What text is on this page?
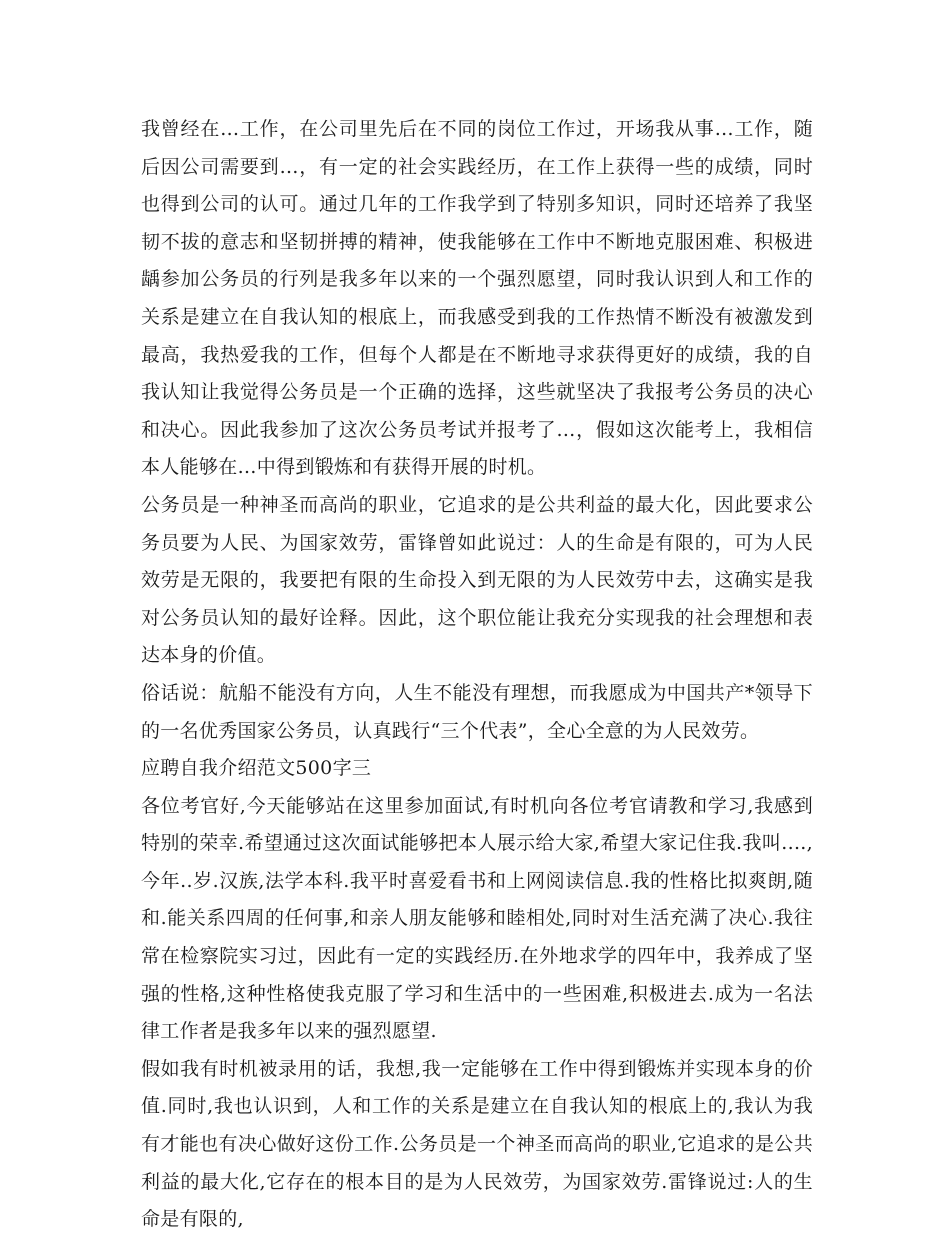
我曾经在…工作，在公司里先后在不同的岗位工作过，开场我从事…工作，随后因公司需要到…，有一定的社会实践经历，在工作上获得一些的成绩，同时也得到公司的认可。通过几年的工作我学到了特别多知识，同时还培养了我坚韧不拔的意志和坚韧拼搏的精神，使我能够在工作中不断地克服困难、积极进龋参加公务员的行列是我多年以来的一个强烈愿望，同时我认识到人和工作的关系是建立在自我认知的根底上，而我感受到我的工作热情不断没有被激发到最高，我热爱我的工作，但每个人都是在不断地寻求获得更好的成绩，我的自我认知让我觉得公务员是一个正确的选择，这些就坚决了我报考公务员的决心和决心。因此我参加了这次公务员考试并报考了…，假如这次能考上，我相信本人能够在…中得到锻炼和有获得开展的时机。

公务员是一种神圣而高尚的职业，它追求的是公共利益的最大化，因此要求公务员要为人民、为国家效劳，雷锋曾如此说过：人的生命是有限的，可为人民效劳是无限的，我要把有限的生命投入到无限的为人民效劳中去，这确实是我对公务员认知的最好诠释。因此，这个职位能让我充分实现我的社会理想和表达本身的价值。

俗话说：航船不能没有方向，人生不能没有理想，而我愿成为中国共产*领导下的一名优秀国家公务员，认真践行“三个代表”，全心全意的为人民效劳。

应聘自我介绍范文500字三

各位考官好,今天能够站在这里参加面试,有时机向各位考官请教和学习,我感到特别的荣幸.希望通过这次面试能够把本人展示给大家,希望大家记住我.我叫....,今年..岁.汉族,法学本科.我平时喜爱看书和上网阅读信息.我的性格比拟爽朗,随和.能关系四周的任何事,和亲人朋友能够和睦相处,同时对生活充满了决心.我往常在检察院实习过，因此有一定的实践经历.在外地求学的四年中，我养成了坚强的性格,这种性格使我克服了学习和生活中的一些困难,积极进去.成为一名法律工作者是我多年以来的强烈愿望.

假如我有时机被录用的话，我想,我一定能够在工作中得到锻炼并实现本身的价值.同时,我也认识到，人和工作的关系是建立在自我认知的根底上的,我认为我有才能也有决心做好这份工作.公务员是一个神圣而高尚的职业,它追求的是公共利益的最大化,它存在的根本目的是为人民效劳，为国家效劳.雷锋说过:人的生命是有限的,
